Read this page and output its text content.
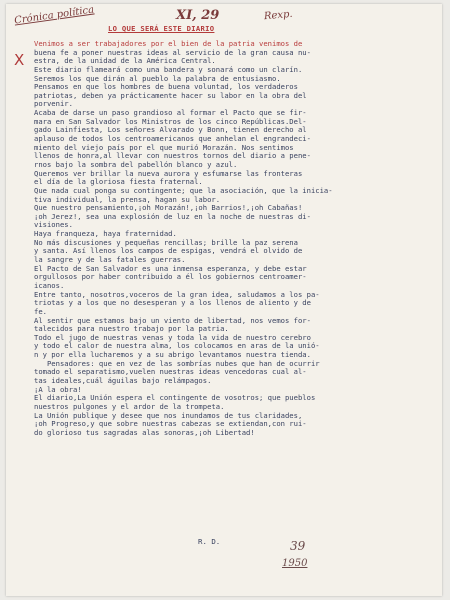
Crónica política	XI, 29	Rexp.
LO QUE SERÁ ESTE DIARIO
X
Venimos a ser trabajadores por el bien de la patria venimos de
buena fe a poner nuestras ideas al servicio de la gran causa nu-
estra, de la unidad de la América Central.
Este diario flameará como una bandera y sonará como un clarín.
Seremos los que dirán al pueblo la palabra de entusiasmo.
Pensamos en que los hombres de buena voluntad, los verdaderos
patriotas, deben ya prácticamente hacer su labor en la obra del
porvenir.
Acaba de darse un paso grandioso al formar el Pacto que se fir-
mara en San Salvador los Ministros de los cinco Repúblicas.Del-
gado Lainfiesta, Los señores Alvarado y Bonn, tienen derecho al
aplauso de todos los centroamericanos que anhelan el engrandeci-
miento del viejo país por el que murió Morazán. Nos sentimos
llenos de honra,al llevar con nuestros tornos del diario a pene-
rnos bajo la sombra del pabellón blanco y azul.
Queremos ver brillar la nueva aurora y esfumarse las fronteras
el día de la gloriosa fiesta fraternal.
Que nada cual ponga su contingente; que la asociación, que la inicia-
tiva individual, la prensa, hagan su labor.
Que nuestro pensamiento,¡oh Morazán!,¡oh Barrios!,¡oh Cabañas!
¡oh Jerez!, sea una explosión de luz en la noche de nuestras di-
visiones.
Haya franqueza, haya fraternidad.
No más discusiones y pequeñas rencillas; brille la paz serena
y santa. Así llenos los campos de espigas, vendrá el olvido de
la sangre y de las fatales guerras.
El Pacto de San Salvador es una inmensa esperanza, y debe estar
orgullosos por haber contribuido a él los gobiernos centroamer-
icanos.
Entre tanto, nosotros,voceros de la gran idea, saludamos a los pa-
triotas y a los que no desesperan y a los llenos de aliento y de
fe.
Al sentir que estamos bajo un viento de libertad, nos vemos for-
talecidos para nuestro trabajo por la patria.
Todo el jugo de nuestras venas y toda la vida de nuestro cerebro
y todo el calor de nuestra alma, los colocamos en aras de la unió-
n y por ella lucharemos y a su abrigo levantamos nuestra tienda.
Pensadores: que en vez de las sombrías nubes que han de ocurrir
tomado el separatismo,vuelen nuestras ideas vencedoras cual al-
tas ideales,cuál águilas bajo relámpagos.
¡A la obra!
El diario,La Unión espera el contingente de vosotros; que pueblos
nuestros pulgones y el ardor de la trompeta.
La Unión publique y desee que nos inundamos de tus claridades,
¡oh Progreso,y que sobre nuestras cabezas se extiendan,con rui-
do glorioso tus sagradas alas sonoras,¡oh Libertad!
R. D.	39
1950
